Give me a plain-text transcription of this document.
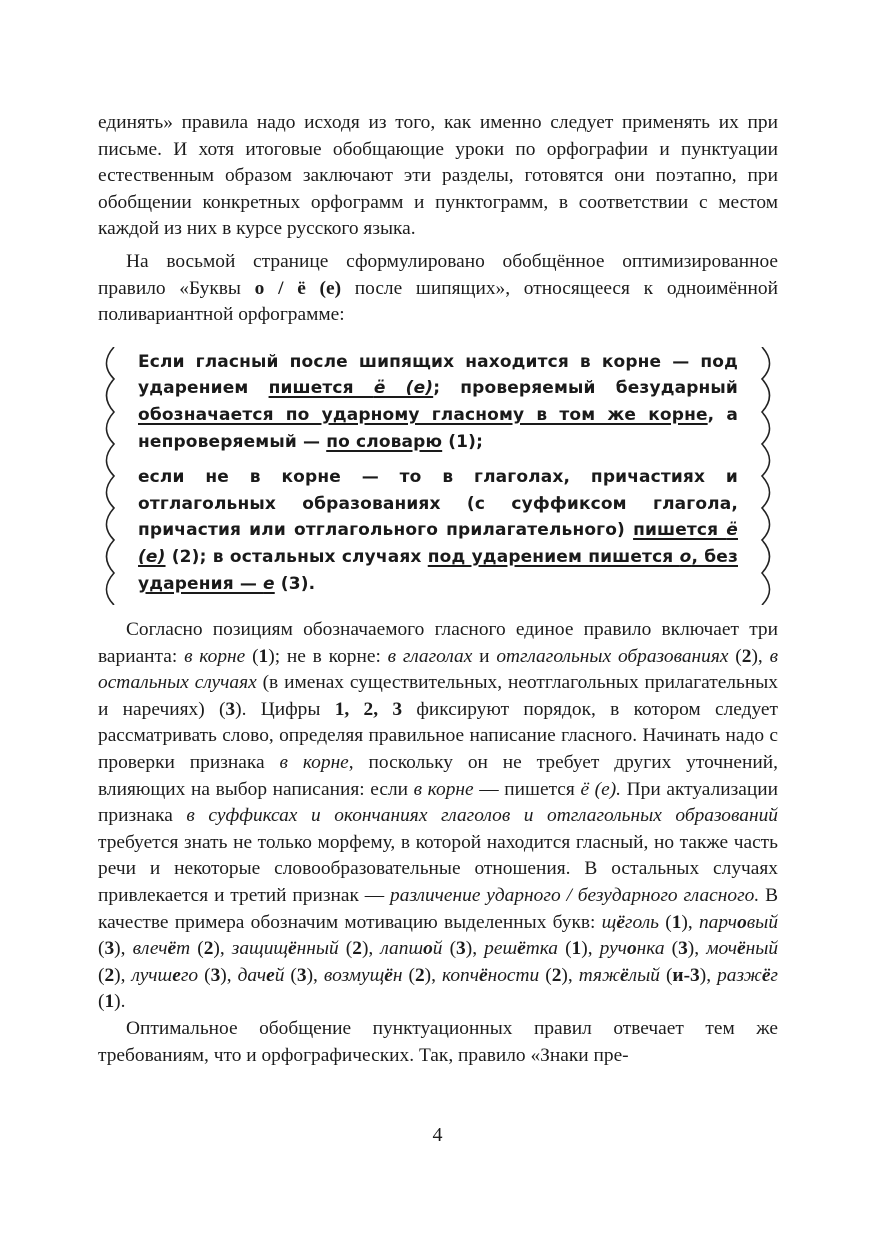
единять» правила надо исходя из того, как именно следует применять их при письме. И хотя итоговые обобщающие уроки по орфографии и пунктуации естественным образом заключают эти разделы, готовятся они поэтапно, при обобщении конкретных орфограмм и пунктограмм, в соответствии с местом каждой из них в курсе русского языка.

На восьмой странице сформулировано обобщённое оптимизированное правило «Буквы о / ё (е) после шипящих», относящееся к одноимённой поливариантной орфограмме:

Если гласный после шипящих находится в корне — под ударением пишется ё (е); проверяемый безударный обозначается по ударному гласному в том же корне, а непроверяемый — по словарю (1);

если не в корне — то в глаголах, причастиях и отглагольных образованиях (с суффиксом глагола, причастия или отглагольного прилагательного) пишется ё (е) (2); в остальных случаях под ударением пишется о, без ударения — е (3).

Согласно позициям обозначаемого гласного единое правило включает три варианта: в корне (1); не в корне: в глаголах и отглагольных образованиях (2), в остальных случаях (в именах существительных, неотглагольных прилагательных и наречиях) (3). Цифры 1, 2, 3 фиксируют порядок, в котором следует рассматривать слово, определяя правильное написание гласного. Начинать надо с проверки признака в корне, поскольку он не требует других уточнений, влияющих на выбор написания: если в корне — пишется ё (е). При актуализации признака в суффиксах и окончаниях глаголов и отглагольных образований требуется знать не только морфему, в которой находится гласный, но также часть речи и некоторые словообразовательные отношения. В остальных случаях привлекается и третий признак — различение ударного / безударного гласного. В качестве примера обозначим мотивацию выделенных букв: щёголь (1), парчовый (3), влечёт (2), защищённый (2), лапшой (3), решётка (1), ручонка (3), мочёный (2), лучшего (3), дачей (3), возмущён (2), копчёности (2), тяжёлый (и-3), разжёг (1).

Оптимальное обобщение пунктуационных правил отвечает тем же требованиям, что и орфографических. Так, правило «Знаки пре-

4
